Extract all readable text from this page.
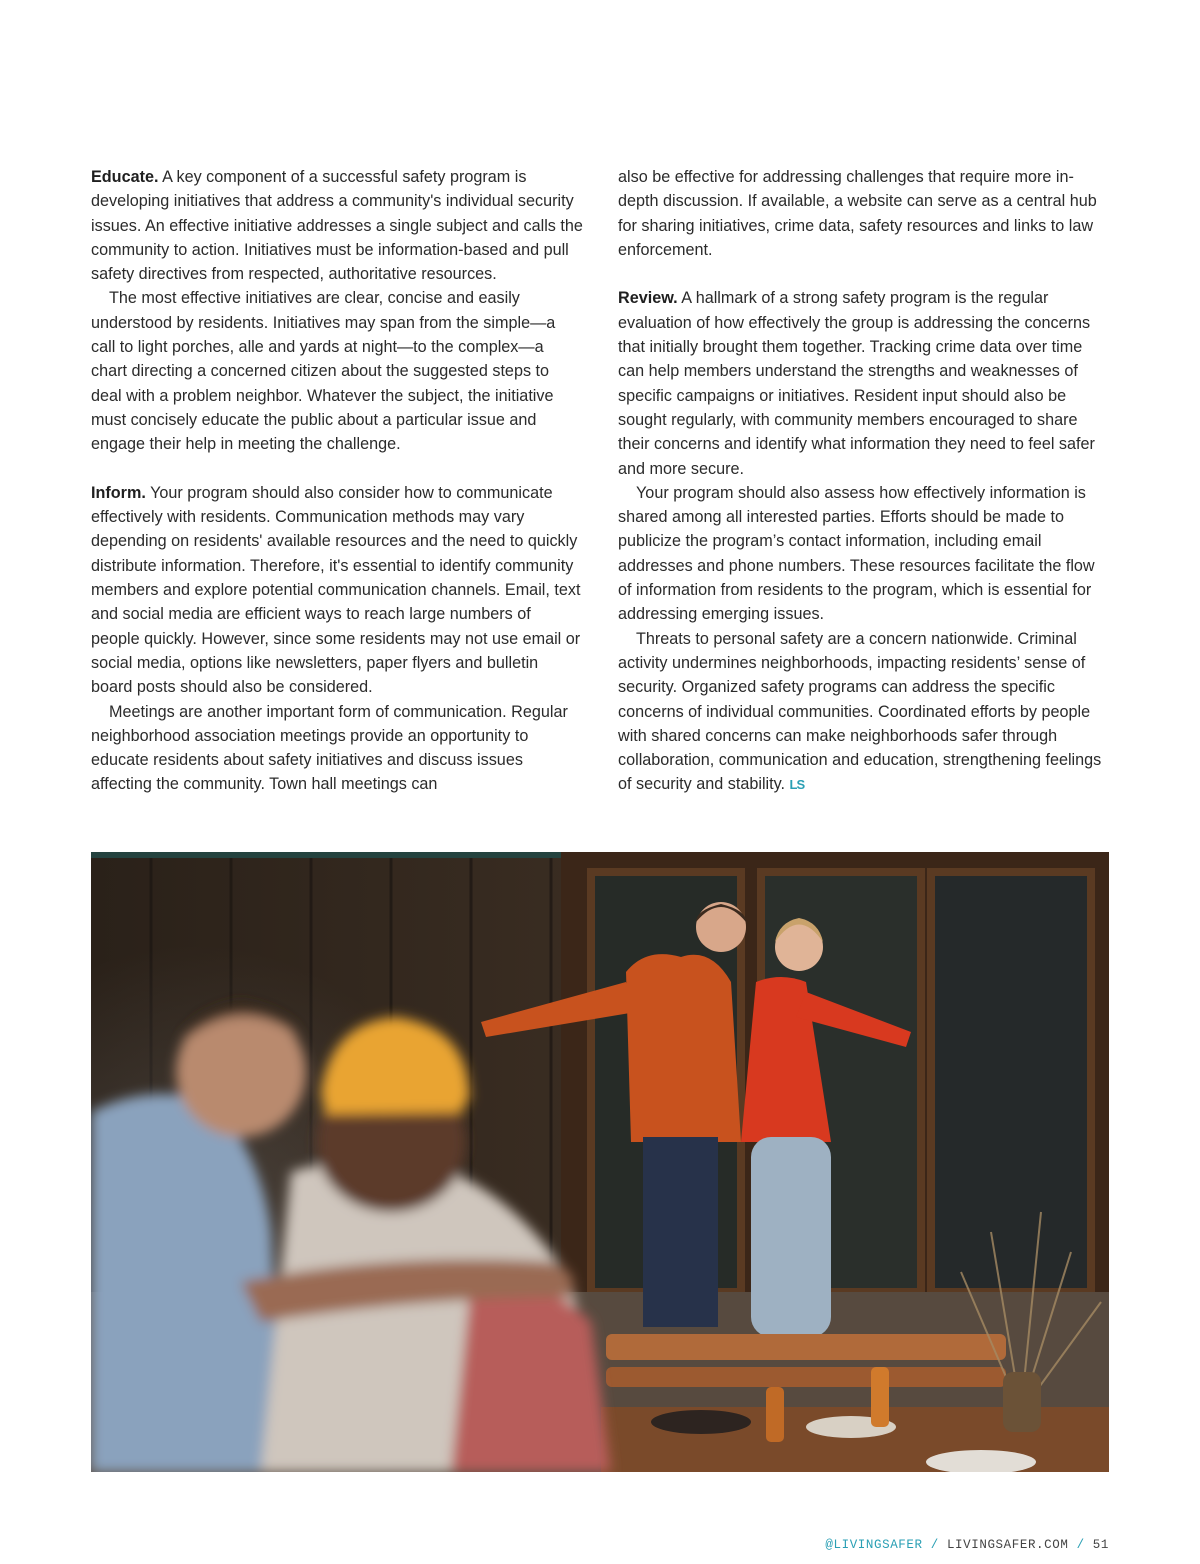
Educate. A key component of a successful safety program is developing initiatives that address a community's individual security issues. An effective initiative addresses a single subject and calls the community to action. Initiatives must be information-based and pull safety directives from respected, authoritative resources.

The most effective initiatives are clear, concise and easily understood by residents. Initiatives may span from the simple—a call to light porches, alle and yards at night—to the complex—a chart directing a concerned citizen about the suggested steps to deal with a problem neighbor. Whatever the subject, the initiative must concisely educate the public about a particular issue and engage their help in meeting the challenge.

Inform. Your program should also consider how to communicate effectively with residents. Communication methods may vary depending on residents' available resources and the need to quickly distribute information. Therefore, it's essential to identify community members and explore potential communication channels. Email, text and social media are efficient ways to reach large numbers of people quickly. However, since some residents may not use email or social media, options like newsletters, paper flyers and bulletin board posts should also be considered.

Meetings are another important form of communication. Regular neighborhood association meetings provide an opportunity to educate residents about safety initiatives and discuss issues affecting the community. Town hall meetings can

also be effective for addressing challenges that require more in-depth discussion. If available, a website can serve as a central hub for sharing initiatives, crime data, safety resources and links to law enforcement.

Review. A hallmark of a strong safety program is the regular evaluation of how effectively the group is addressing the concerns that initially brought them together. Tracking crime data over time can help members understand the strengths and weaknesses of specific campaigns or initiatives. Resident input should also be sought regularly, with community members encouraged to share their concerns and identify what information they need to feel safer and more secure.

Your program should also assess how effectively information is shared among all interested parties. Efforts should be made to publicize the program’s contact information, including email addresses and phone numbers. These resources facilitate the flow of information from residents to the program, which is essential for addressing emerging issues.

Threats to personal safety are a concern nationwide. Criminal activity undermines neighborhoods, impacting residents’ sense of security. Organized safety programs can address the specific concerns of individual communities. Coordinated efforts by people with shared concerns can make neighborhoods safer through collaboration, communication and education, strengthening feelings of security and stability. LS

@LIVINGSAFER / LIVINGSAFER.COM / 51
